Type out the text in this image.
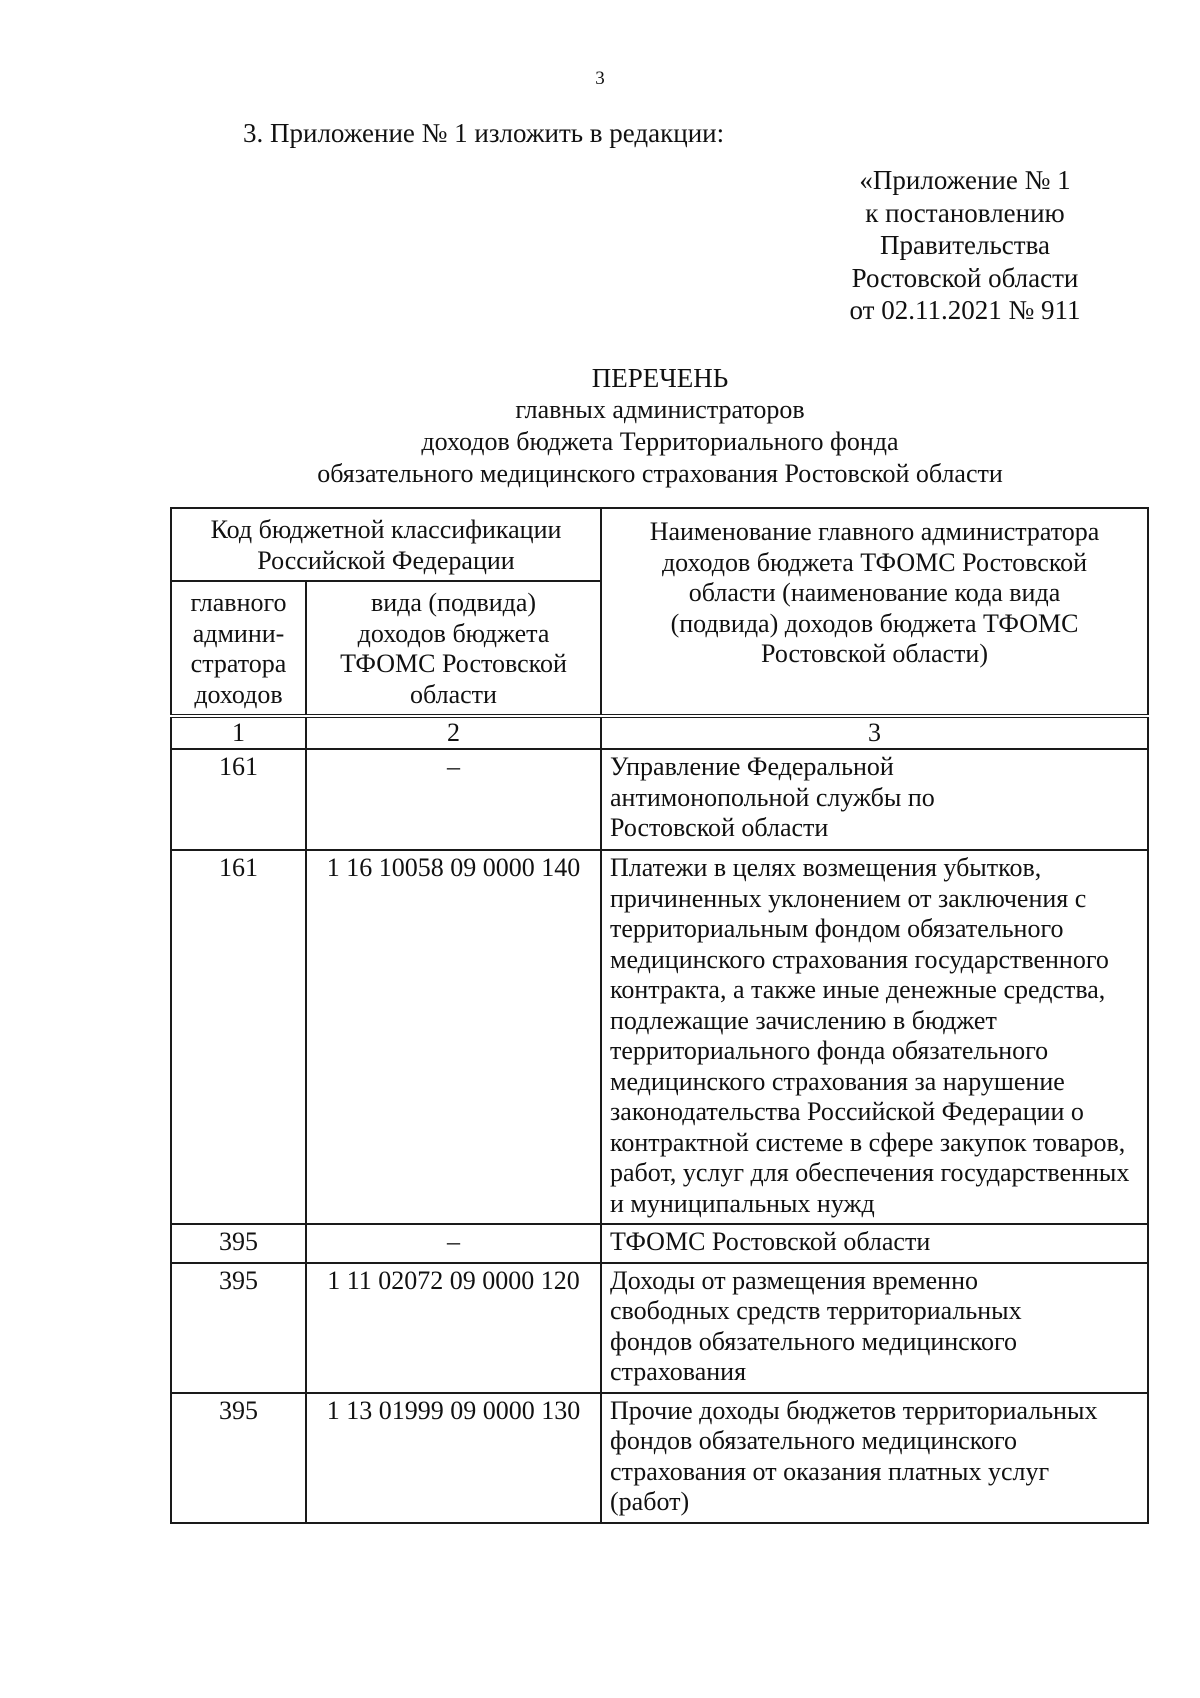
3
3. Приложение № 1 изложить в редакции:
«Приложение № 1
к постановлению
Правительства
Ростовской области
от 02.11.2021 № 911
ПЕРЕЧЕНЬ
главных администраторов
доходов бюджета Территориального фонда
обязательного медицинского страхования Ростовской области
Код бюджетной классификации Российской Федерации		Наименование главного администратора доходов бюджета ТФОМС Ростовской области (наименование кода вида (подвида) доходов бюджета ТФОМС Ростовской области)
главного админи-стратора доходов	вида (подвида) доходов бюджета ТФОМС Ростовской области	
1	2	3
161	–	Управление Федеральной антимонопольной службы по Ростовской области
161	1 16 10058 09 0000 140	Платежи в целях возмещения убытков, причиненных уклонением от заключения с территориальным фондом обязательного медицинского страхования государственного контракта, а также иные денежные средства, подлежащие зачислению в бюджет территориального фонда обязательного медицинского страхования за нарушение законодательства Российской Федерации о контрактной системе в сфере закупок товаров, работ, услуг для обеспечения государственных и муниципальных нужд
395	–	ТФОМС Ростовской области
395	1 11 02072 09 0000 120	Доходы от размещения временно свободных средств территориальных фондов обязательного медицинского страхования
395	1 13 01999 09 0000 130	Прочие доходы бюджетов территориальных фондов обязательного медицинского страхования от оказания платных услуг (работ)
